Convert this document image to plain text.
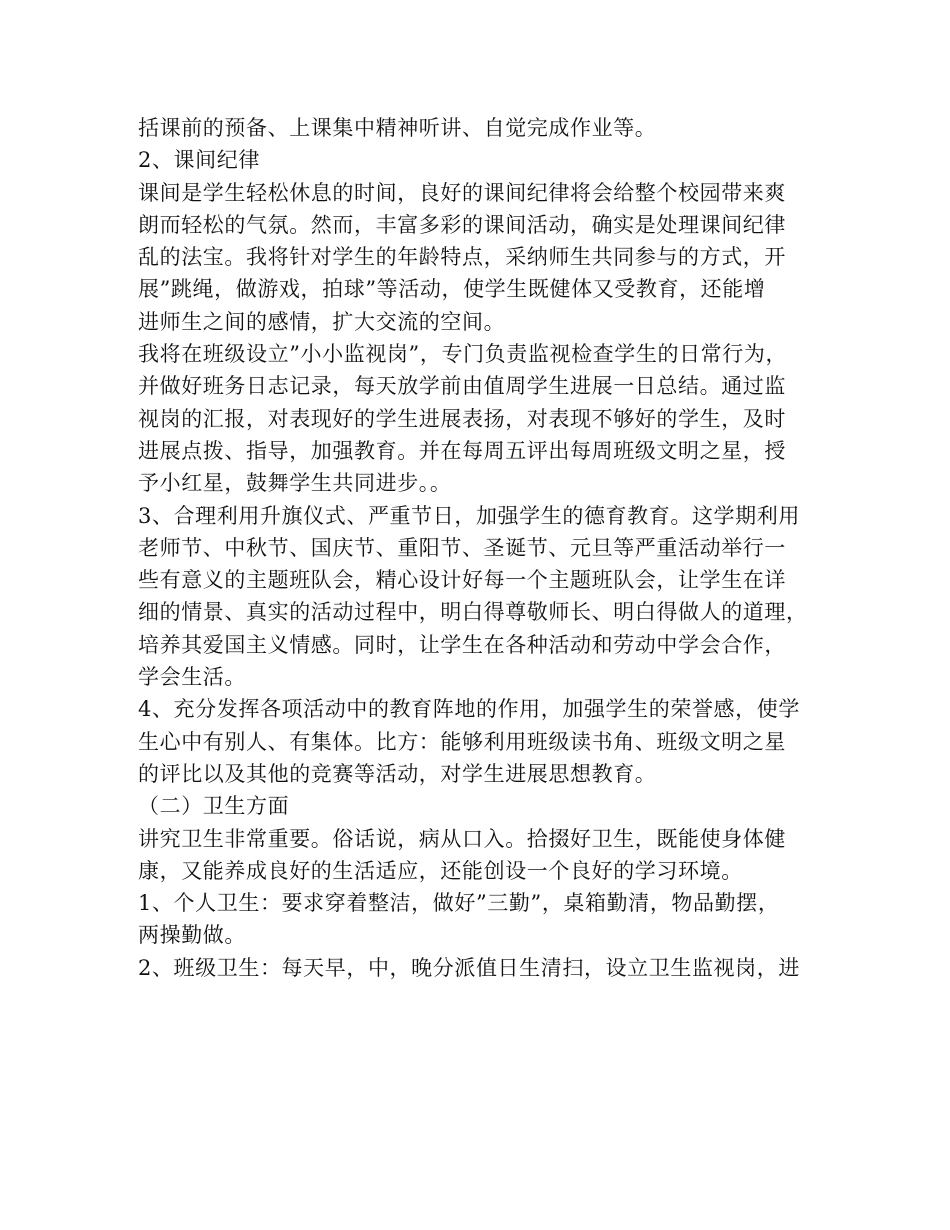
括课前的预备、上课集中精神听讲、自觉完成作业等。
2、课间纪律
课间是学生轻松休息的时间，良好的课间纪律将会给整个校园带来爽
朗而轻松的气氛。然而，丰富多彩的课间活动，确实是处理课间纪律
乱的法宝。我将针对学生的年龄特点，采纳师生共同参与的方式，开
展”跳绳，做游戏，拍球”等活动，使学生既健体又受教育，还能增
进师生之间的感情，扩大交流的空间。
我将在班级设立”小小监视岗”，专门负责监视检查学生的日常行为，
并做好班务日志记录，每天放学前由值周学生进展一日总结。通过监
视岗的汇报，对表现好的学生进展表扬，对表现不够好的学生，及时
进展点拨、指导，加强教育。并在每周五评出每周班级文明之星，授
予小红星，鼓舞学生共同进步。。
3、合理利用升旗仪式、严重节日，加强学生的德育教育。这学期利用
老师节、中秋节、国庆节、重阳节、圣诞节、元旦等严重活动举行一
些有意义的主题班队会，精心设计好每一个主题班队会，让学生在详
细的情景、真实的活动过程中，明白得尊敬师长、明白得做人的道理，
培养其爱国主义情感。同时，让学生在各种活动和劳动中学会合作，
学会生活。
4、充分发挥各项活动中的教育阵地的作用，加强学生的荣誉感，使学
生心中有别人、有集体。比方：能够利用班级读书角、班级文明之星
的评比以及其他的竞赛等活动，对学生进展思想教育。
（二）卫生方面
讲究卫生非常重要。俗话说，病从口入。拾掇好卫生，既能使身体健
康，又能养成良好的生活适应，还能创设一个良好的学习环境。
1、个人卫生：要求穿着整洁，做好”三勤”，桌箱勤清，物品勤摆，
两操勤做。
2、班级卫生：每天早，中，晚分派值日生清扫，设立卫生监视岗，进
